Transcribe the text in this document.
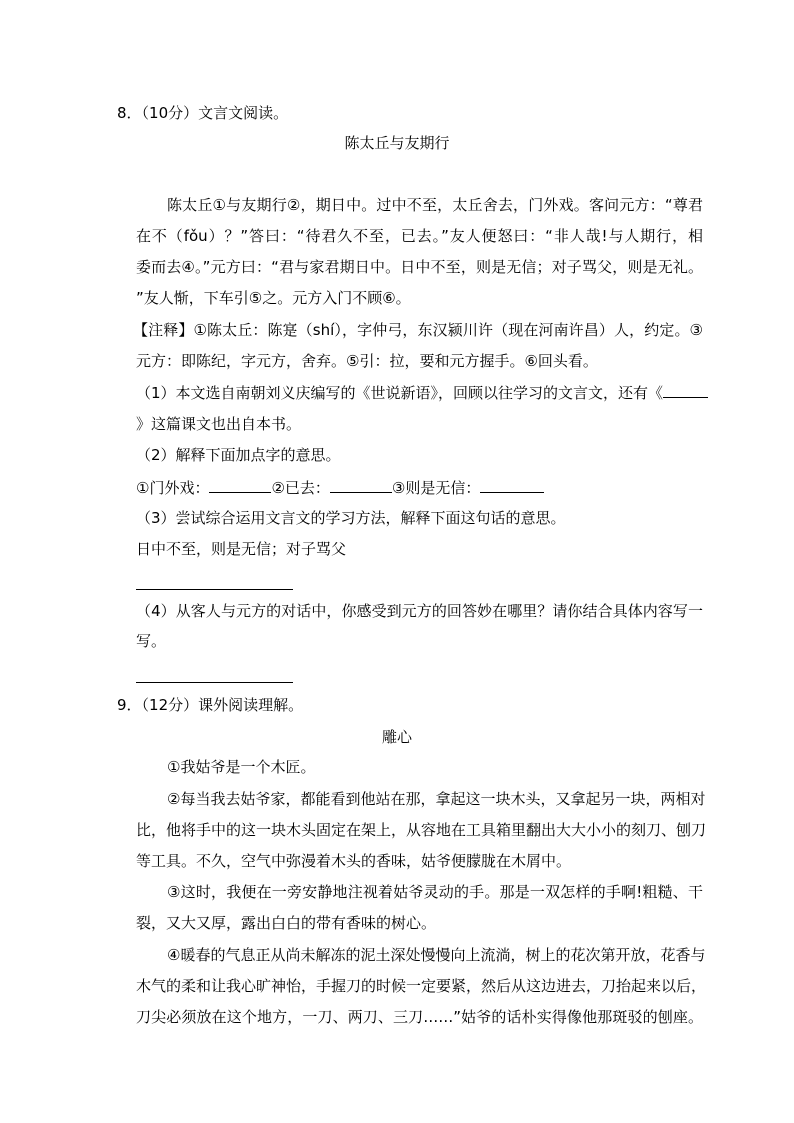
8．（10分）文言文阅读。
陈太丘与友期行
陈太丘①与友期行②，期日中。过中不至，太丘舍去，门外戏。客问元方：“尊君
在不（fǒu）？”答曰：“待君久不至，已去。”友人便怒曰：“非人哉!与人期行，相
委而去④。”元方曰：“君与家君期日中。日中不至，则是无信；对子骂父，则是无礼。
”友人惭，下车引⑤之。元方入门不顾⑥。
【注释】①陈太丘：陈寔（shí），字仲弓，东汉颍川许（现在河南许昌）人，约定。③
元方：即陈纪，字元方，舍弃。⑤引：拉，要和元方握手。⑥回头看。
（1）本文选自南朝刘义庆编写的《世说新语》，回顾以往学习的文言文，还有《
》这篇课文也出自本书。
（2）解释下面加点字的意思。
①门外戏：	②已去：	③则是无信：
（3）尝试综合运用文言文的学习方法，解释下面这句话的意思。
日中不至，则是无信；对子骂父
（4）从客人与元方的对话中，你感受到元方的回答妙在哪里？请你结合具体内容写一
写。
9．（12分）课外阅读理解。
雕心
①我姑爷是一个木匠。
②每当我去姑爷家，都能看到他站在那，拿起这一块木头，又拿起另一块，两相对
比，他将手中的这一块木头固定在架上，从容地在工具箱里翻出大大小小的刻刀、刨刀
等工具。不久，空气中弥漫着木头的香味，姑爷便朦胧在木屑中。
③这时，我便在一旁安静地注视着姑爷灵动的手。那是一双怎样的手啊!粗糙、干
裂，又大又厚，露出白白的带有香味的树心。
④暖春的气息正从尚未解冻的泥土深处慢慢向上流淌，树上的花次第开放，花香与
木气的柔和让我心旷神怡，手握刀的时候一定要紧，然后从这边进去，刀抬起来以后，
刀尖必须放在这个地方，一刀、两刀、三刀……”姑爷的话朴实得像他那斑驳的刨座。
